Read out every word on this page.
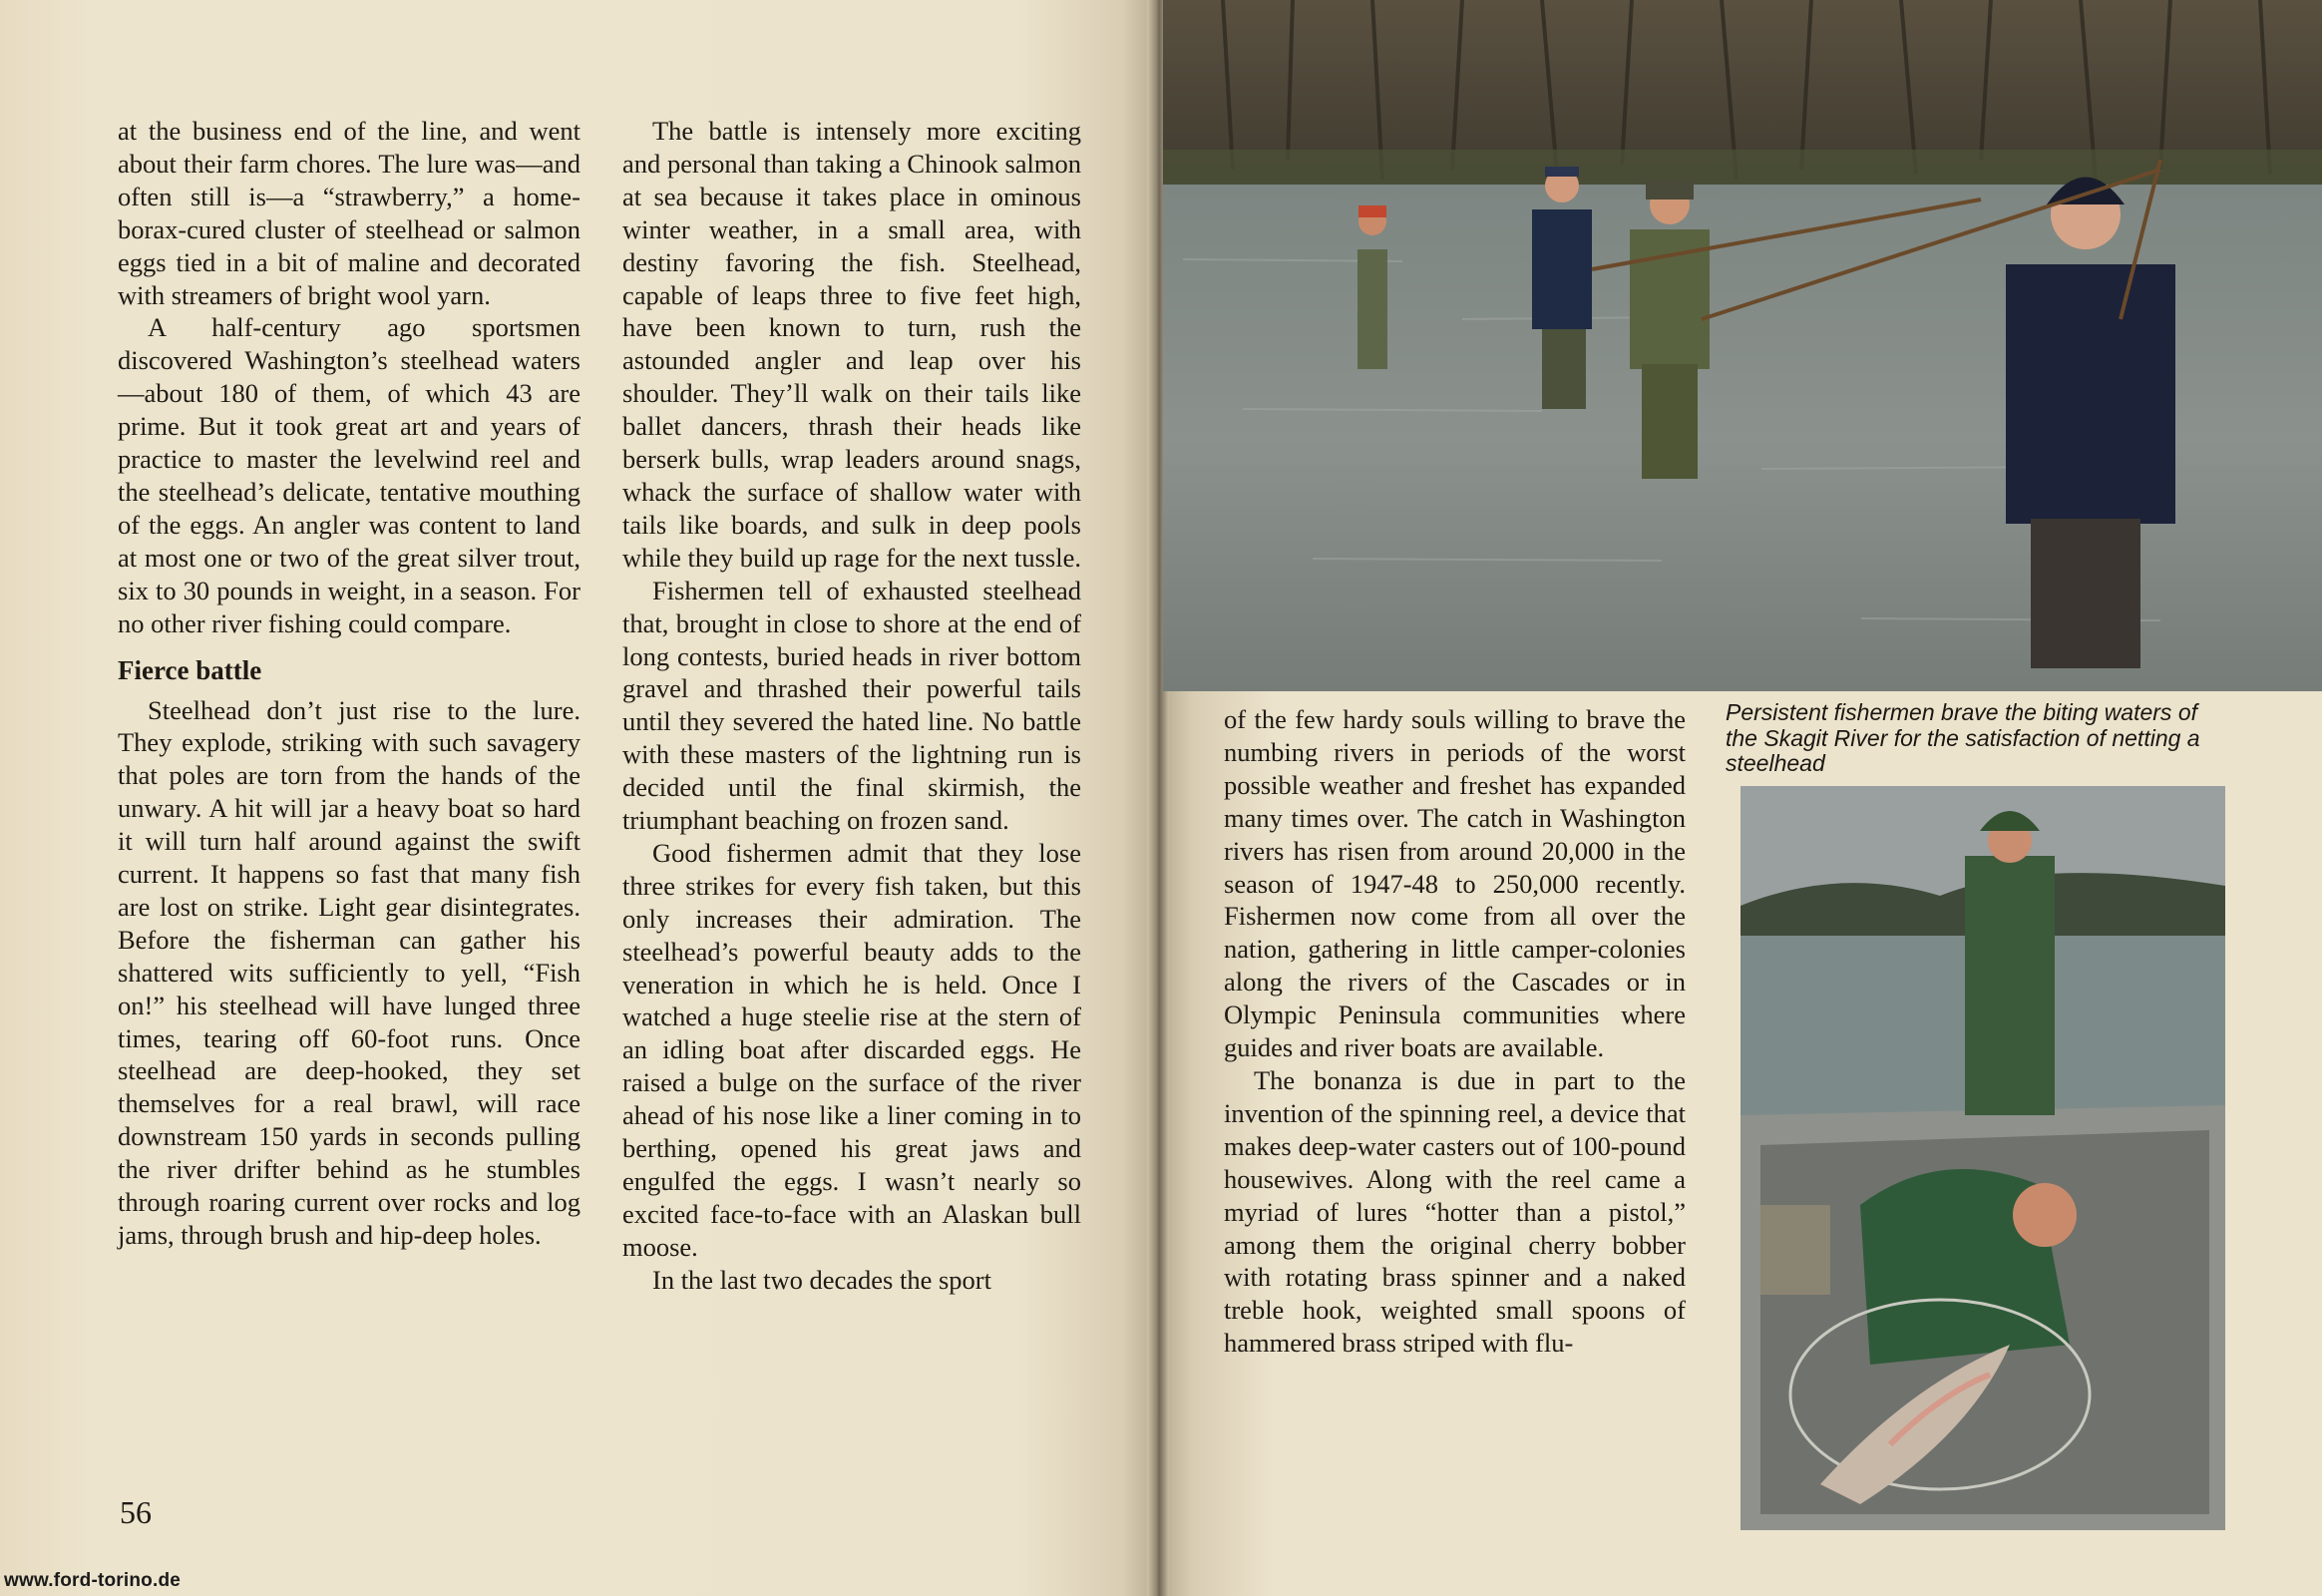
at the business end of the line, and went about their farm chores. The lure was—and often still is—a “strawberry,” a home-borax-cured cluster of steelhead or salmon eggs tied in a bit of maline and decorated with streamers of bright wool yarn.

A half-century ago sportsmen discovered Washington’s steelhead waters—about 180 of them, of which 43 are prime. But it took great art and years of practice to master the levelwind reel and the steelhead’s delicate, tentative mouthing of the eggs. An angler was content to land at most one or two of the great silver trout, six to 30 pounds in weight, in a season. For no other river fishing could compare.

Fierce battle

Steelhead don’t just rise to the lure. They explode, striking with such savagery that poles are torn from the hands of the unwary. A hit will jar a heavy boat so hard it will turn half around against the swift current. It happens so fast that many fish are lost on strike. Light gear disintegrates. Before the fisherman can gather his shattered wits sufficiently to yell, “Fish on!” his steelhead will have lunged three times, tearing off 60-foot runs. Once steelhead are deep-hooked, they set themselves for a real brawl, will race downstream 150 yards in seconds pulling the river drifter behind as he stumbles through roaring current over rocks and log jams, through brush and hip-deep holes.

The battle is intensely more exciting and personal than taking a Chinook salmon at sea because it takes place in ominous winter weather, in a small area, with destiny favoring the fish. Steelhead, capable of leaps three to five feet high, have been known to turn, rush the astounded angler and leap over his shoulder. They’ll walk on their tails like ballet dancers, thrash their heads like berserk bulls, wrap leaders around snags, whack the surface of shallow water with tails like boards, and sulk in deep pools while they build up rage for the next tussle.

Fishermen tell of exhausted steelhead that, brought in close to shore at the end of long contests, buried heads in river bottom gravel and thrashed their powerful tails until they severed the hated line. No battle with these masters of the lightning run is decided until the final skirmish, the triumphant beaching on frozen sand.

Good fishermen admit that they lose three strikes for every fish taken, but this only increases their admiration. The steelhead’s powerful beauty adds to the veneration in which he is held. Once I watched a huge steelie rise at the stern of an idling boat after discarded eggs. He raised a bulge on the surface of the river ahead of his nose like a liner coming in to berthing, opened his great jaws and engulfed the eggs. I wasn’t nearly so excited face-to-face with an Alaskan bull moose.

In the last two decades the sport

56
www.ford-torino.de

of the few hardy souls willing to brave the numbing rivers in periods of the worst possible weather and freshet has expanded many times over. The catch in Washington rivers has risen from around 20,000 in the season of 1947-48 to 250,000 recently. Fishermen now come from all over the nation, gathering in little camper-colonies along the rivers of the Cascades or in Olympic Peninsula communities where guides and river boats are available.

The bonanza is due in part to the invention of the spinning reel, a device that makes deep-water casters out of 100-pound housewives. Along with the reel came a myriad of lures “hotter than a pistol,” among them the original cherry bobber with rotating brass spinner and a naked treble hook, weighted small spoons of hammered brass striped with flu-

Persistent fishermen brave the biting waters of the Skagit River for the satisfaction of netting a steelhead
